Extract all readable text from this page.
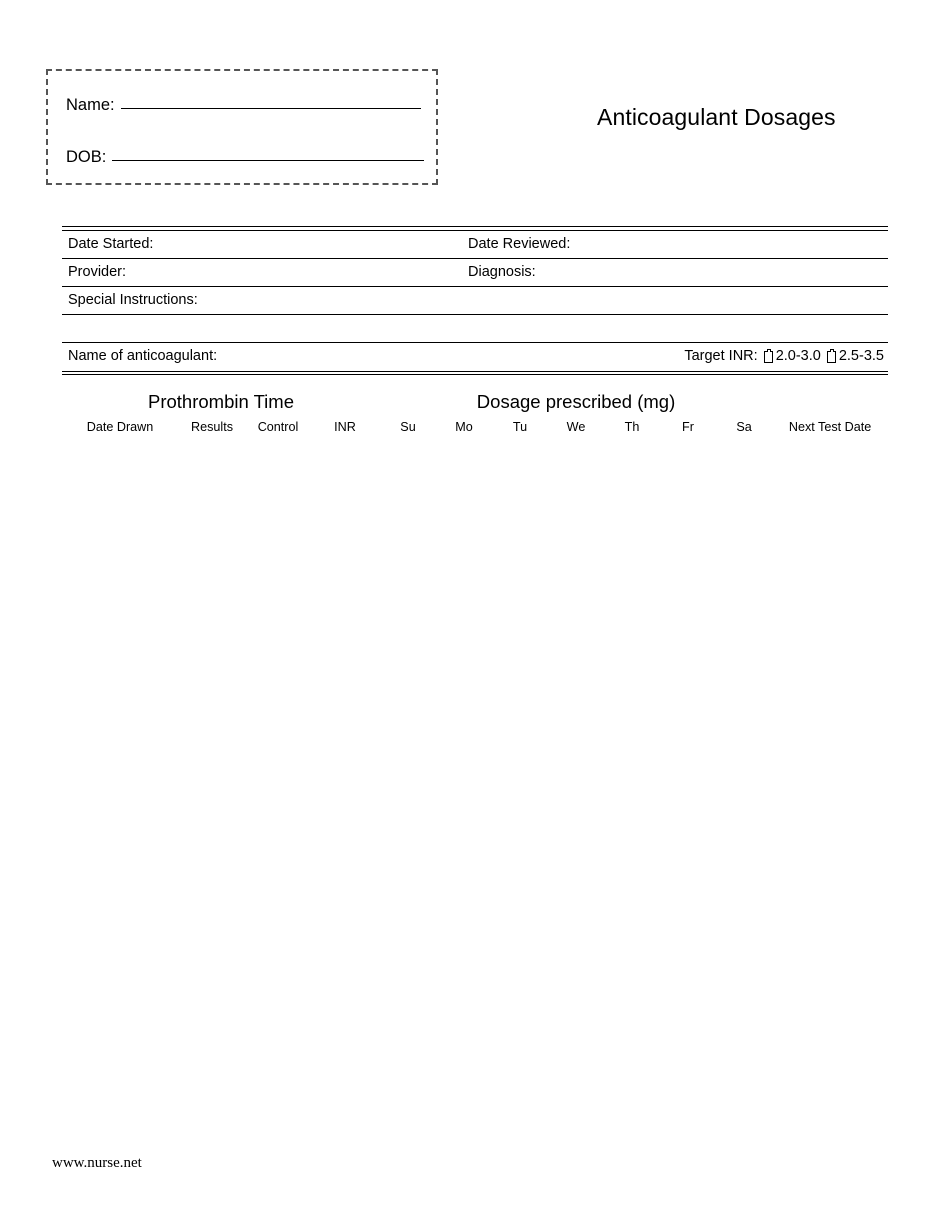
Name:
DOB:
Anticoagulant Dosages
Date Started:	Date Reviewed:
Provider:	Diagnosis:
Special Instructions:
Name of anticoagulant:	Target INR: 2.0-3.0 2.5-3.5
Prothrombin Time				Dosage prescribed (mg)							
Date Drawn	Results	Control	INR	Su	Mo	Tu	We	Th	Fr	Sa	Next Test Date

www.nurse.net
